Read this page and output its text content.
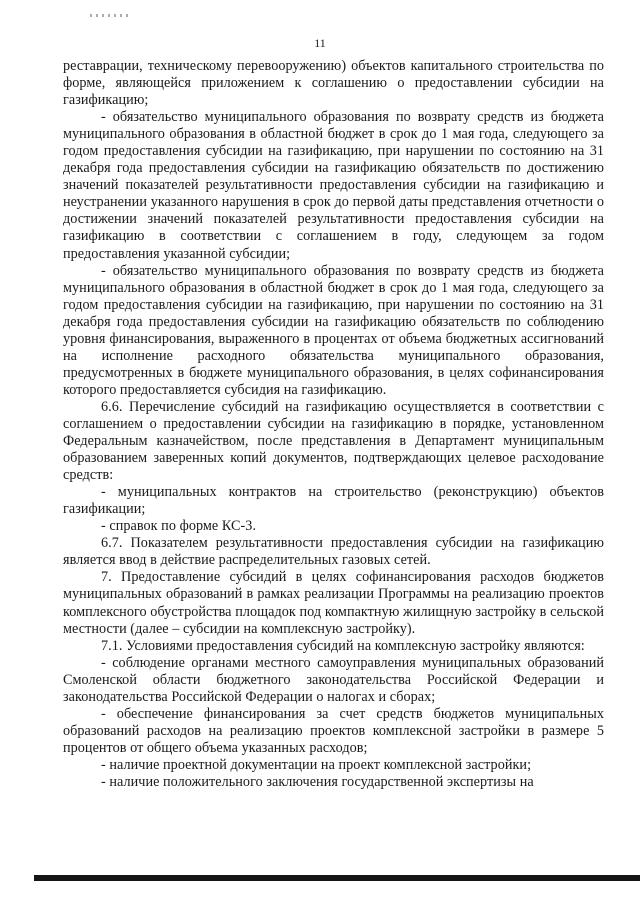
11

реставрации, техническому перевооружению) объектов капитального строительства по форме, являющейся приложением к соглашению о предоставлении субсидии на газификацию;

- обязательство муниципального образования по возврату средств из бюджета муниципального образования в областной бюджет в срок до 1 мая года, следующего за годом предоставления субсидии на газификацию, при нарушении по состоянию на 31 декабря года предоставления субсидии на газификацию обязательств по достижению значений показателей результативности предоставления субсидии на газификацию и неустранении указанного нарушения в срок до первой даты представления отчетности о достижении значений показателей результативности предоставления субсидии на газификацию в соответствии с соглашением в году, следующем за годом предоставления указанной субсидии;

- обязательство муниципального образования по возврату средств из бюджета муниципального образования в областной бюджет в срок до 1 мая года, следующего за годом предоставления субсидии на газификацию, при нарушении по состоянию на 31 декабря года предоставления субсидии на газификацию обязательств по соблюдению уровня финансирования, выраженного в процентах от объема бюджетных ассигнований на исполнение расходного обязательства муниципального образования, предусмотренных в бюджете муниципального образования, в целях софинансирования которого предоставляется субсидия на газификацию.

6.6. Перечисление субсидий на газификацию осуществляется в соответствии с соглашением о предоставлении субсидии на газификацию в порядке, установленном Федеральным казначейством, после представления в Департамент муниципальным образованием заверенных копий документов, подтверждающих целевое расходование средств:

- муниципальных контрактов на строительство (реконструкцию) объектов газификации;

- справок по форме КС-3.

6.7. Показателем результативности предоставления субсидии на газификацию является ввод в действие распределительных газовых сетей.

7. Предоставление субсидий в целях софинансирования расходов бюджетов муниципальных образований в рамках реализации Программы на реализацию проектов комплексного обустройства площадок под компактную жилищную застройку в сельской местности (далее – субсидии на комплексную застройку).

7.1. Условиями предоставления субсидий на комплексную застройку являются:

- соблюдение органами местного самоуправления муниципальных образований Смоленской области бюджетного законодательства Российской Федерации и законодательства Российской Федерации о налогах и сборах;

- обеспечение финансирования за счет средств бюджетов муниципальных образований расходов на реализацию проектов комплексной застройки в размере 5 процентов от общего объема указанных расходов;

- наличие проектной документации на проект комплексной застройки;

- наличие положительного заключения государственной экспертизы на
